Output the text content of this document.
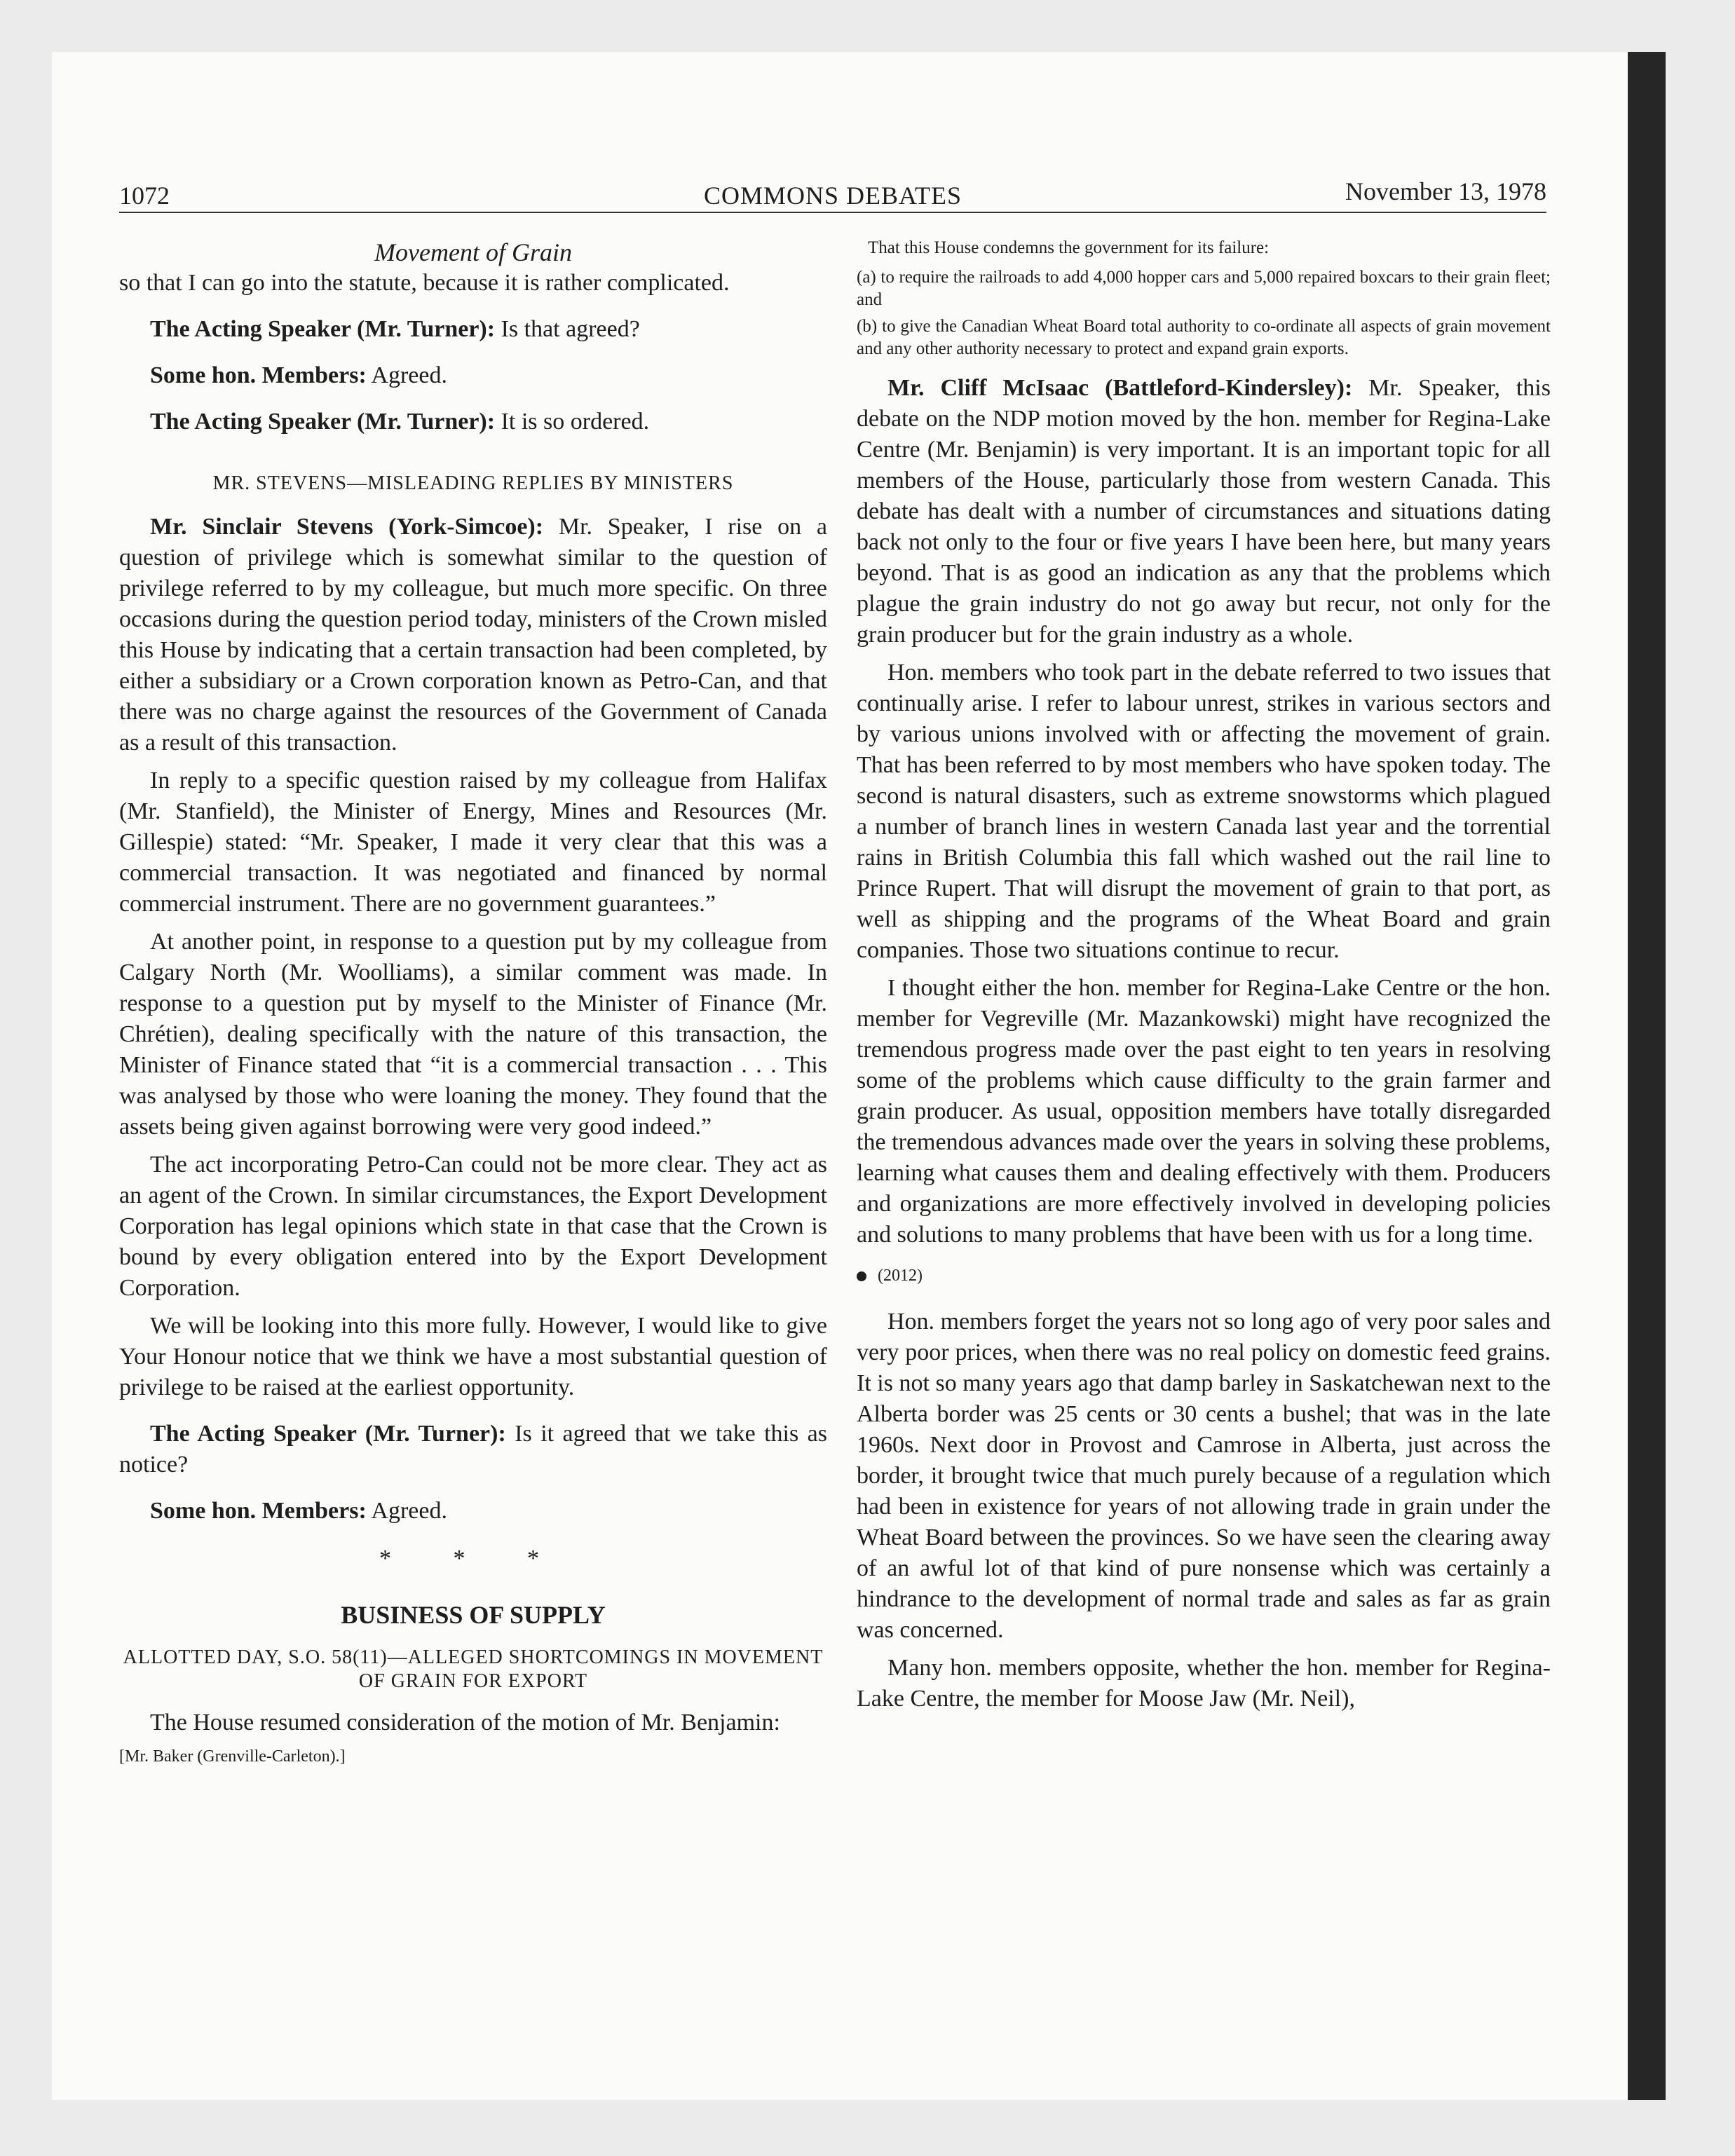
1072	COMMONS DEBATES	November 13, 1978

Movement of Grain

so that I can go into the statute, because it is rather complicated.

The Acting Speaker (Mr. Turner): Is that agreed?

Some hon. Members: Agreed.

The Acting Speaker (Mr. Turner): It is so ordered.

MR. STEVENS—MISLEADING REPLIES BY MINISTERS

Mr. Sinclair Stevens (York-Simcoe): Mr. Speaker, I rise on a question of privilege which is somewhat similar to the question of privilege referred to by my colleague, but much more specific. On three occasions during the question period today, ministers of the Crown misled this House by indicating that a certain transaction had been completed, by either a subsidiary or a Crown corporation known as Petro-Can, and that there was no charge against the resources of the Government of Canada as a result of this transaction.

In reply to a specific question raised by my colleague from Halifax (Mr. Stanfield), the Minister of Energy, Mines and Resources (Mr. Gillespie) stated: “Mr. Speaker, I made it very clear that this was a commercial transaction. It was negotiated and financed by normal commercial instrument. There are no government guarantees.”

At another point, in response to a question put by my colleague from Calgary North (Mr. Woolliams), a similar comment was made. In response to a question put by myself to the Minister of Finance (Mr. Chrétien), dealing specifically with the nature of this transaction, the Minister of Finance stated that “it is a commercial transaction . . . This was analysed by those who were loaning the money. They found that the assets being given against borrowing were very good indeed.”

The act incorporating Petro-Can could not be more clear. They act as an agent of the Crown. In similar circumstances, the Export Development Corporation has legal opinions which state in that case that the Crown is bound by every obligation entered into by the Export Development Corporation.

We will be looking into this more fully. However, I would like to give Your Honour notice that we think we have a most substantial question of privilege to be raised at the earliest opportunity.

The Acting Speaker (Mr. Turner): Is it agreed that we take this as notice?

Some hon. Members: Agreed.

* * *

BUSINESS OF SUPPLY

ALLOTTED DAY, S.O. 58(11)—ALLEGED SHORTCOMINGS IN MOVEMENT OF GRAIN FOR EXPORT

The House resumed consideration of the motion of Mr. Benjamin:

[Mr. Baker (Grenville-Carleton).]

That this House condemns the government for its failure:

(a) to require the railroads to add 4,000 hopper cars and 5,000 repaired boxcars to their grain fleet; and

(b) to give the Canadian Wheat Board total authority to co-ordinate all aspects of grain movement and any other authority necessary to protect and expand grain exports.

Mr. Cliff McIsaac (Battleford-Kindersley): Mr. Speaker, this debate on the NDP motion moved by the hon. member for Regina-Lake Centre (Mr. Benjamin) is very important. It is an important topic for all members of the House, particularly those from western Canada. This debate has dealt with a number of circumstances and situations dating back not only to the four or five years I have been here, but many years beyond. That is as good an indication as any that the problems which plague the grain industry do not go away but recur, not only for the grain producer but for the grain industry as a whole.

Hon. members who took part in the debate referred to two issues that continually arise. I refer to labour unrest, strikes in various sectors and by various unions involved with or affecting the movement of grain. That has been referred to by most members who have spoken today. The second is natural disasters, such as extreme snowstorms which plagued a number of branch lines in western Canada last year and the torrential rains in British Columbia this fall which washed out the rail line to Prince Rupert. That will disrupt the movement of grain to that port, as well as shipping and the programs of the Wheat Board and grain companies. Those two situations continue to recur.

I thought either the hon. member for Regina-Lake Centre or the hon. member for Vegreville (Mr. Mazankowski) might have recognized the tremendous progress made over the past eight to ten years in resolving some of the problems which cause difficulty to the grain farmer and grain producer. As usual, opposition members have totally disregarded the tremendous advances made over the years in solving these problems, learning what causes them and dealing effectively with them. Producers and organizations are more effectively involved in developing policies and solutions to many problems that have been with us for a long time.

(2012)

Hon. members forget the years not so long ago of very poor sales and very poor prices, when there was no real policy on domestic feed grains. It is not so many years ago that damp barley in Saskatchewan next to the Alberta border was 25 cents or 30 cents a bushel; that was in the late 1960s. Next door in Provost and Camrose in Alberta, just across the border, it brought twice that much purely because of a regulation which had been in existence for years of not allowing trade in grain under the Wheat Board between the provinces. So we have seen the clearing away of an awful lot of that kind of pure nonsense which was certainly a hindrance to the development of normal trade and sales as far as grain was concerned.

Many hon. members opposite, whether the hon. member for Regina-Lake Centre, the member for Moose Jaw (Mr. Neil),
